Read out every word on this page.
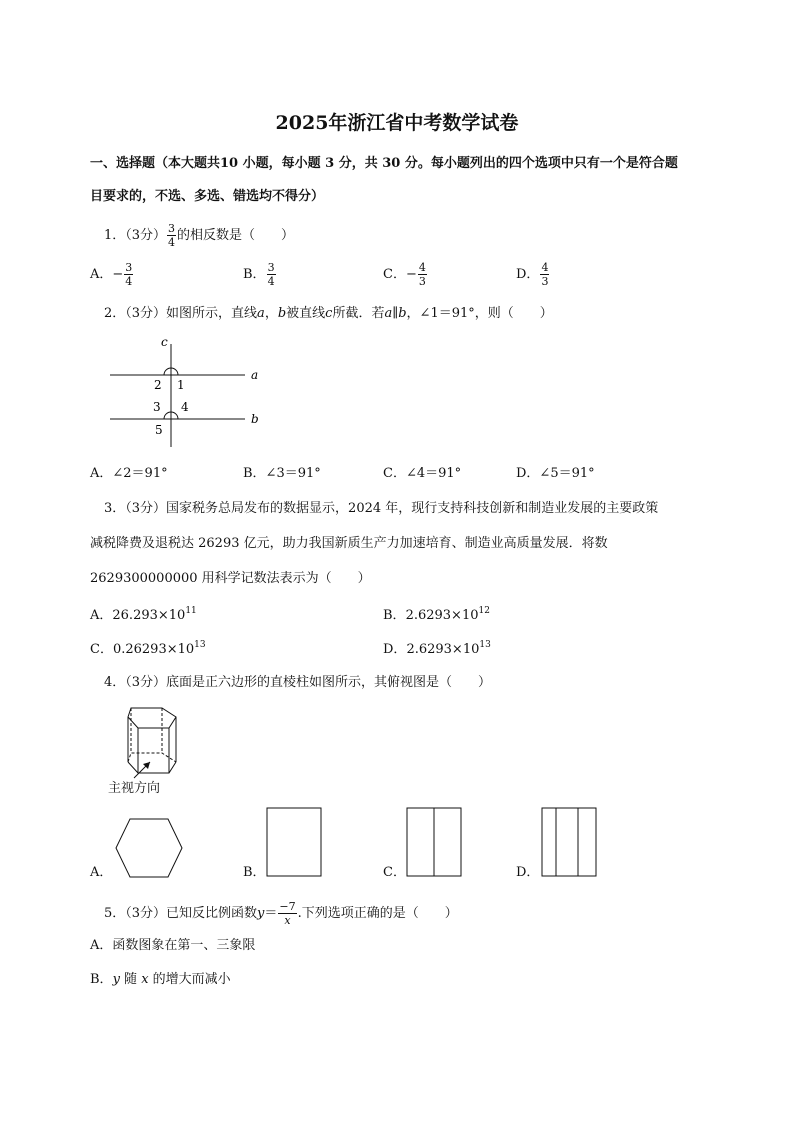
2025年浙江省中考数学试卷
一、选择题（本大题共10 小题，每小题 3 分，共 30 分。每小题列出的四个选项中只有一个是符合题
目要求的，不选、多选、错选均不得分）
1．（3分） $\frac{3}{4}$ 的相反数是（　　）
A．− $\frac{3}{4}$	B． $\frac{3}{4}$	C．− $\frac{4}{3}$	D． $\frac{4}{3}$
2．（3分）如图所示，直线a，b被直线c所截．若a∥b，∠1＝91°，则（　　）
c
a
b
2 1
3 4
5
A．∠2＝91°	B．∠3＝91°	C．∠4＝91°	D．∠5＝91°
3．（3分）国家税务总局发布的数据显示，2024 年，现行支持科技创新和制造业发展的主要政策
减税降费及退税达 26293 亿元，助力我国新质生产力加速培育、制造业高质量发展．将数
2629300000000 用科学记数法表示为（　　）
A．$26.293\times 10^{11}$	B．$2.6293\times 10^{12}$
C．$0.26293\times 10^{13}$	D．$2.6293\times 10^{13}$
4．（3分）底面是正六边形的直棱柱如图所示，其俯视图是（　　）
主视方向
A．	B．	C．	D．
5．（3分）已知反比例函数$y= \frac{-7}{x}$ .下列选项正确的是（　　）
A．函数图象在第一、三象限
B．y 随 x 的增大而减小
